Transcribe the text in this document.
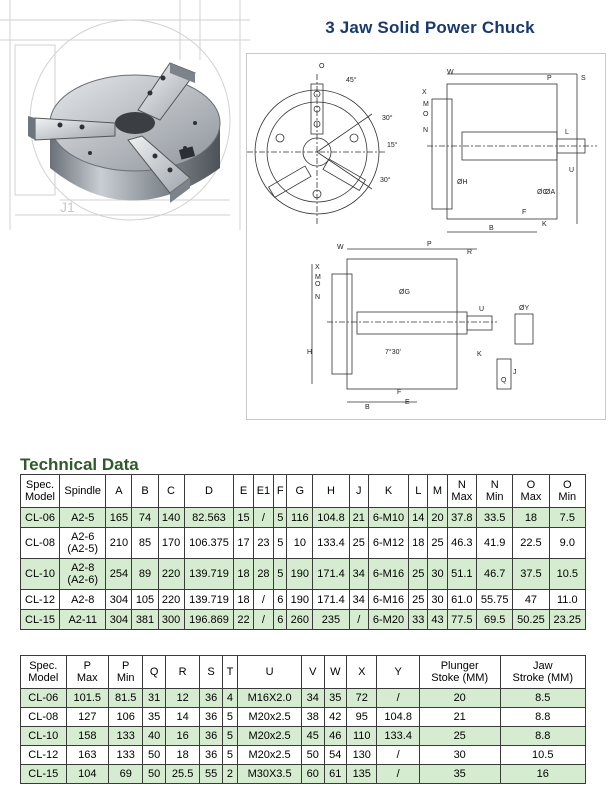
J1
3 Jaw Solid Power Chuck
45°
30°
15°
30°
O
P	S
W
X
N
O
M
U
L
B
K
F
ØH
ØC
ØA
P
R
W
X
N
O
M
ØG
U	ØY
H	7°30'	K
F
E
B
Q
J
Technical Data
Spec.
Model	Spindle	A	B	C	D	E	E1	F	G	H	J	K	L	M	N
Max	N
Min	O
Max	O
Min
CL-06	A2-5	165	74	140	82.563	15	/	5	116	104.8	21	6-M10	14	20	37.8	33.5	18	7.5
CL-08	A2-6
(A2-5)	210	85	170	106.375	17	23	5	10	133.4	25	6-M12	18	25	46.3	41.9	22.5	9.0
CL-10	A2-8
(A2-6)	254	89	220	139.719	18	28	5	190	171.4	34	6-M16	25	30	51.1	46.7	37.5	10.5
CL-12	A2-8	304	105	220	139.719	18	/	6	190	171.4	34	6-M16	25	30	61.0	55.75	47	11.0
CL-15	A2-11	304	381	300	196.869	22	/	6	260	235	/	6-M20	33	43	77.5	69.5	50.25	23.25
Spec.
Model	P
Max	P
Min	Q	R	S	T	U	V	W	X	Y	Plunger
Stoke (MM)	Jaw
Stroke (MM)
CL-06	101.5	81.5	31	12	36	4	M16X2.0	34	35	72	/	20	8.5
CL-08	127	106	35	14	36	5	M20x2.5	38	42	95	104.8	21	8.8
CL-10	158	133	40	16	36	5	M20x2.5	45	46	110	133.4	25	8.8
CL-12	163	133	50	18	36	5	M20x2.5	50	54	130	/	30	10.5
CL-15	104	69	50	25.5	55	2	M30X3.5	60	61	135	/	35	16
